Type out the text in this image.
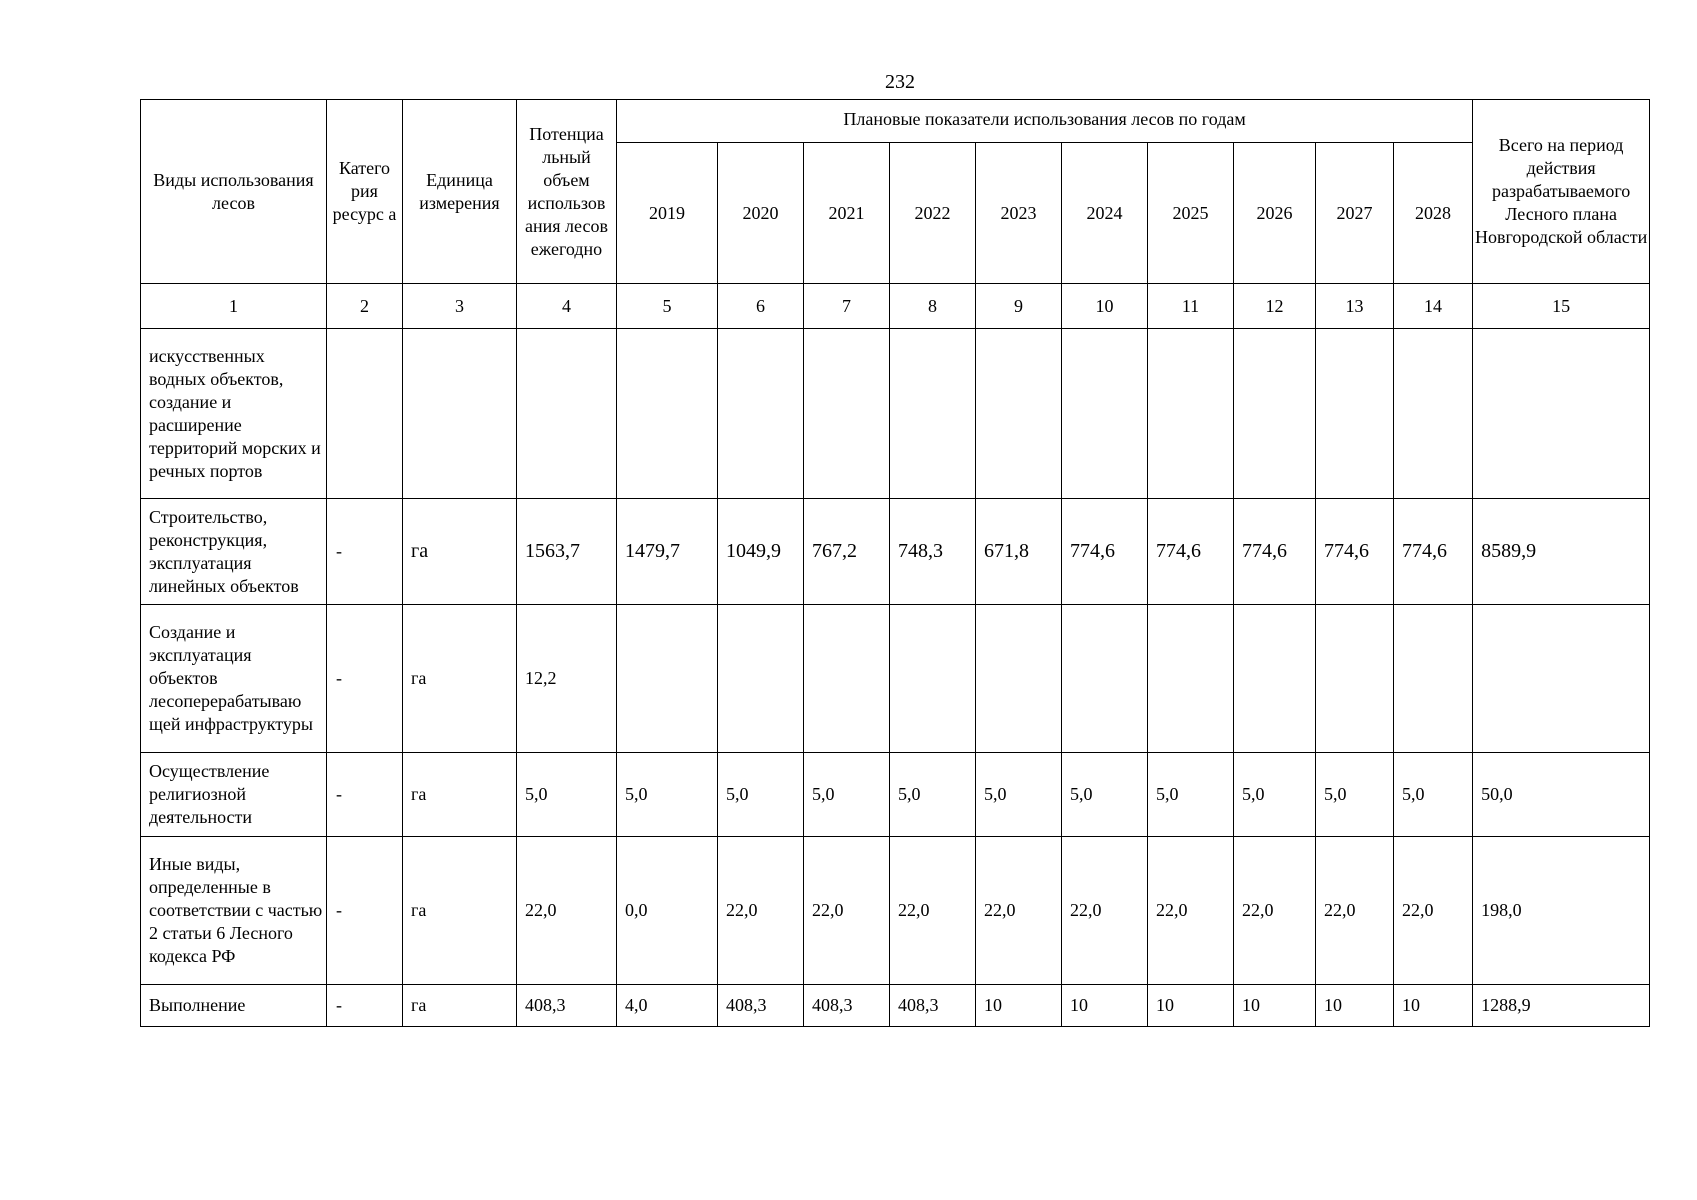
232
Виды использования лесов	Катего рия ресурс а	Единица измерения	Потенциа льный объем использов ания лесов ежегодно	Плановые показатели использования лесов по годам										Всего на период действия разрабатываемого Лесного плана Новгородской области
				2019	2020	2021	2022	2023	2024	2025	2026	2027	2028	
1	2	3	4	5	6	7	8	9	10	11	12	13	14	15
искусственных водных объектов, создание и расширение территорий морских и речных портов														
Строительство, реконструкция, эксплуатация линейных объектов	-	га	1563,7	1479,7	1049,9	767,2	748,3	671,8	774,6	774,6	774,6	774,6	774,6	8589,9
Создание и эксплуатация объектов лесоперерабатываю щей инфраструктуры	-	га	12,2											
Осуществление религиозной деятельности	-	га	5,0	5,0	5,0	5,0	5,0	5,0	5,0	5,0	5,0	5,0	5,0	50,0
Иные виды, определенные в соответствии с частью 2 статьи 6 Лесного кодекса РФ	-	га	22,0	0,0	22,0	22,0	22,0	22,0	22,0	22,0	22,0	22,0	22,0	198,0
Выполнение	-	га	408,3	4,0	408,3	408,3	408,3	10	10	10	10	10	10	1288,9
